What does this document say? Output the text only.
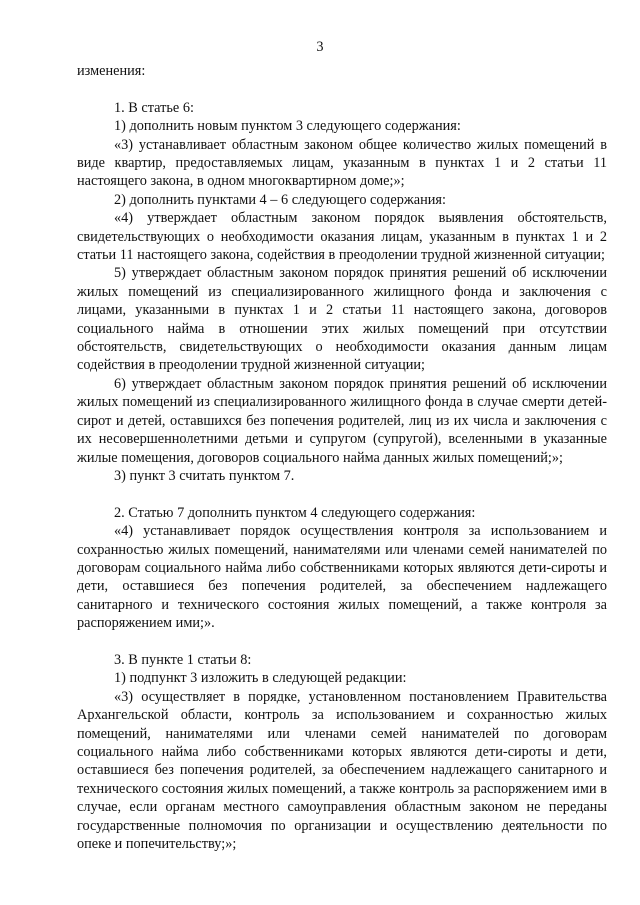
3

изменения:

1. В статье 6:

1) дополнить новым пунктом 3 следующего содержания:

«3) устанавливает областным законом общее количество жилых помещений в виде квартир, предоставляемых лицам, указанным в пунктах 1 и 2 статьи 11 настоящего закона, в одном многоквартирном доме;»;

2) дополнить пунктами 4 – 6 следующего содержания:

«4) утверждает областным законом порядок выявления обстоятельств, свидетельствующих о необходимости оказания лицам, указанным в пунктах 1 и 2 статьи 11 настоящего закона, содействия в преодолении трудной жизненной ситуации;

5) утверждает областным законом порядок принятия решений об исключении жилых помещений из специализированного жилищного фонда и заключения с лицами, указанными в пунктах 1 и 2 статьи 11 настоящего закона, договоров социального найма в отношении этих жилых помещений при отсутствии обстоятельств, свидетельствующих о необходимости оказания данным лицам содействия в преодолении трудной жизненной ситуации;

6) утверждает областным законом порядок принятия решений об исключении жилых помещений из специализированного жилищного фонда в случае смерти детей-сирот и детей, оставшихся без попечения родителей, лиц из их числа и заключения с их несовершеннолетними детьми и супругом (супругой), вселенными в указанные жилые помещения, договоров социального найма данных жилых помещений;»;

3) пункт 3 считать пунктом 7.

2. Статью 7 дополнить пунктом 4 следующего содержания:

«4) устанавливает порядок осуществления контроля за использованием и сохранностью жилых помещений, нанимателями или членами семей нанимателей по договорам социального найма либо собственниками которых являются дети-сироты и дети, оставшиеся без попечения родителей, за обеспечением надлежащего санитарного и технического состояния жилых помещений, а также контроля за распоряжением ими;».

3. В пункте 1 статьи 8:

1) подпункт 3 изложить в следующей редакции:

«3) осуществляет в порядке, установленном постановлением Правительства Архангельской области, контроль за использованием и сохранностью жилых помещений, нанимателями или членами семей нанимателей по договорам социального найма либо собственниками которых являются дети-сироты и дети, оставшиеся без попечения родителей, за обеспечением надлежащего санитарного и технического состояния жилых помещений, а также контроль за распоряжением ими в случае, если органам местного самоуправления областным законом не переданы государственные полномочия по организации и осуществлению деятельности по опеке и попечительству;»;
